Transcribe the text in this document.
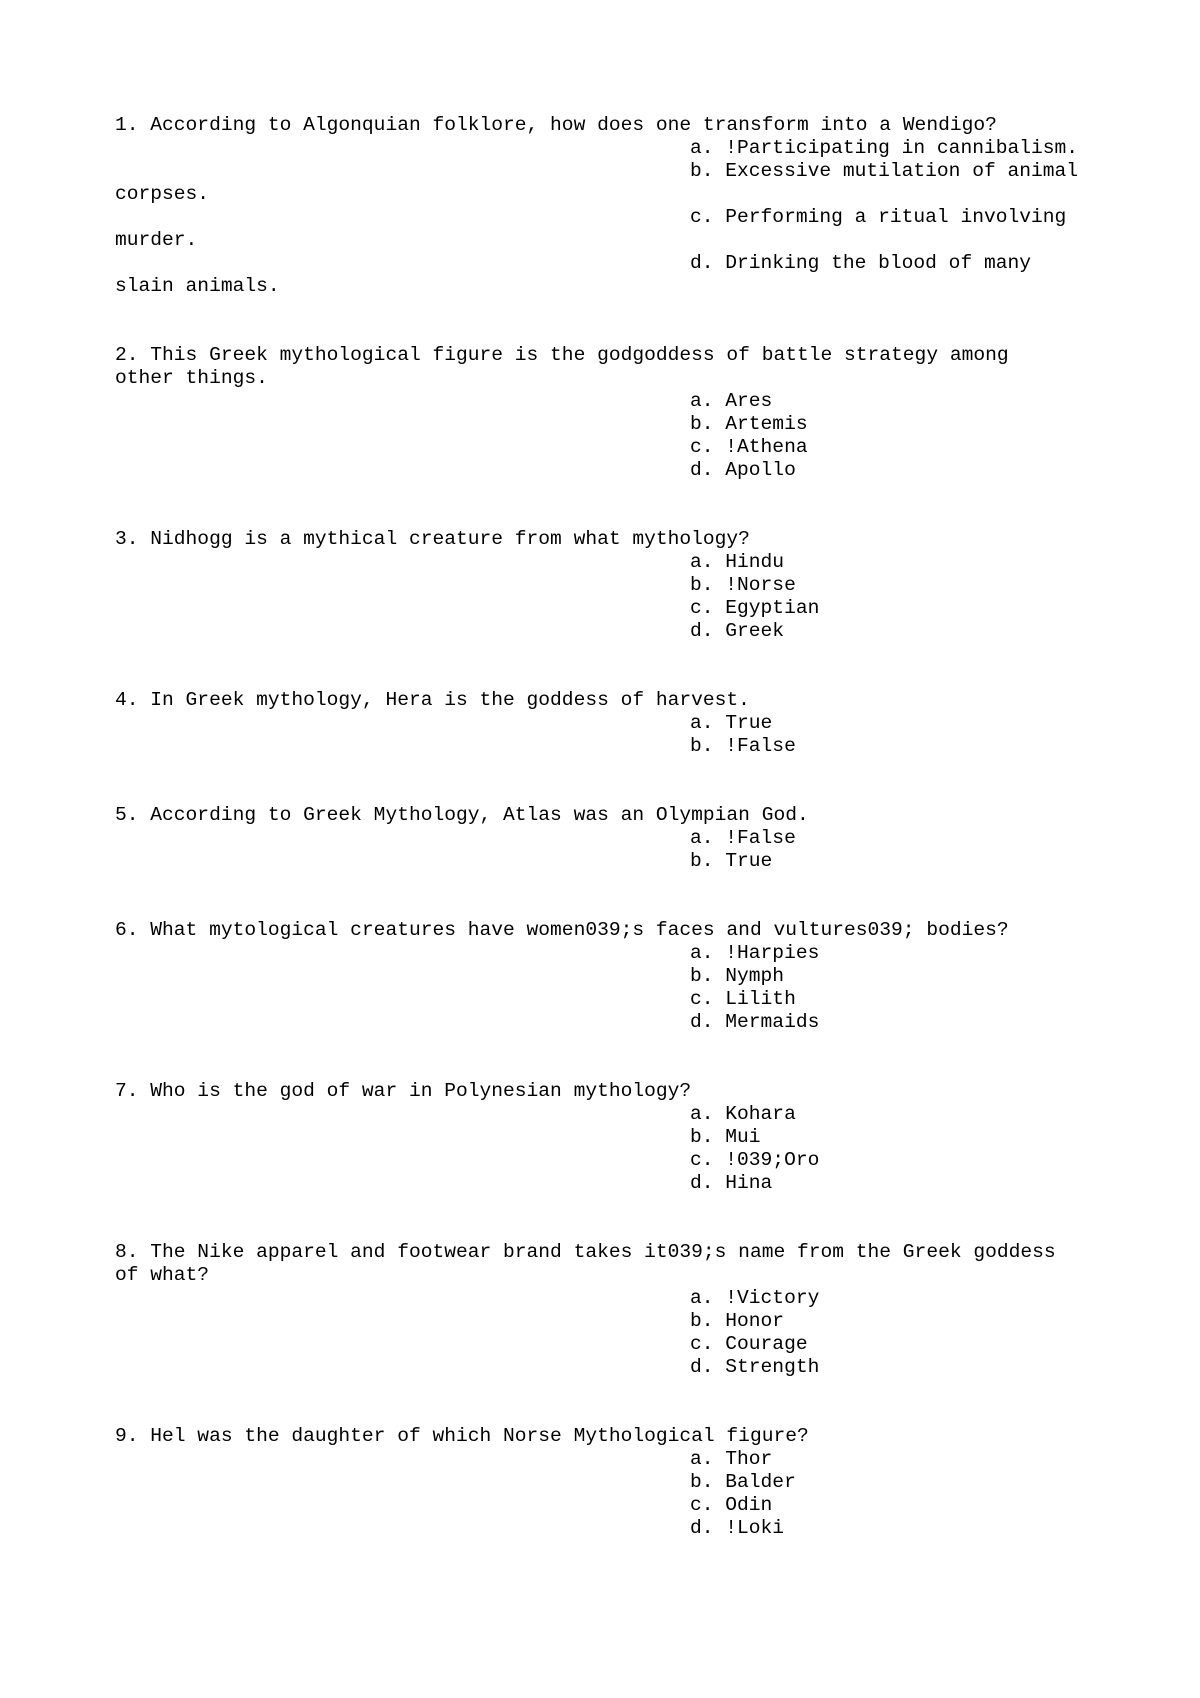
1. According to Algonquian folklore, how does one transform into a Wendigo?
a. !Participating in cannibalism.
b. Excessive mutilation of animal
corpses.
c. Performing a ritual involving
murder.
d. Drinking the blood of many
slain animals.
2. This Greek mythological figure is the godgoddess of battle strategy among
other things.
a. Ares
b. Artemis
c. !Athena
d. Apollo
3. Nidhogg is a mythical creature from what mythology?
a. Hindu
b. !Norse
c. Egyptian
d. Greek
4. In Greek mythology, Hera is the goddess of harvest.
a. True
b. !False
5. According to Greek Mythology, Atlas was an Olympian God.
a. !False
b. True
6. What mytological creatures have women039;s faces and vultures039; bodies?
a. !Harpies
b. Nymph
c. Lilith
d. Mermaids
7. Who is the god of war in Polynesian mythology?
a. Kohara
b. Mui
c. !039;Oro
d. Hina
8. The Nike apparel and footwear brand takes it039;s name from the Greek goddess
of what?
a. !Victory
b. Honor
c. Courage
d. Strength
9. Hel was the daughter of which Norse Mythological figure?
a. Thor
b. Balder
c. Odin
d. !Loki
